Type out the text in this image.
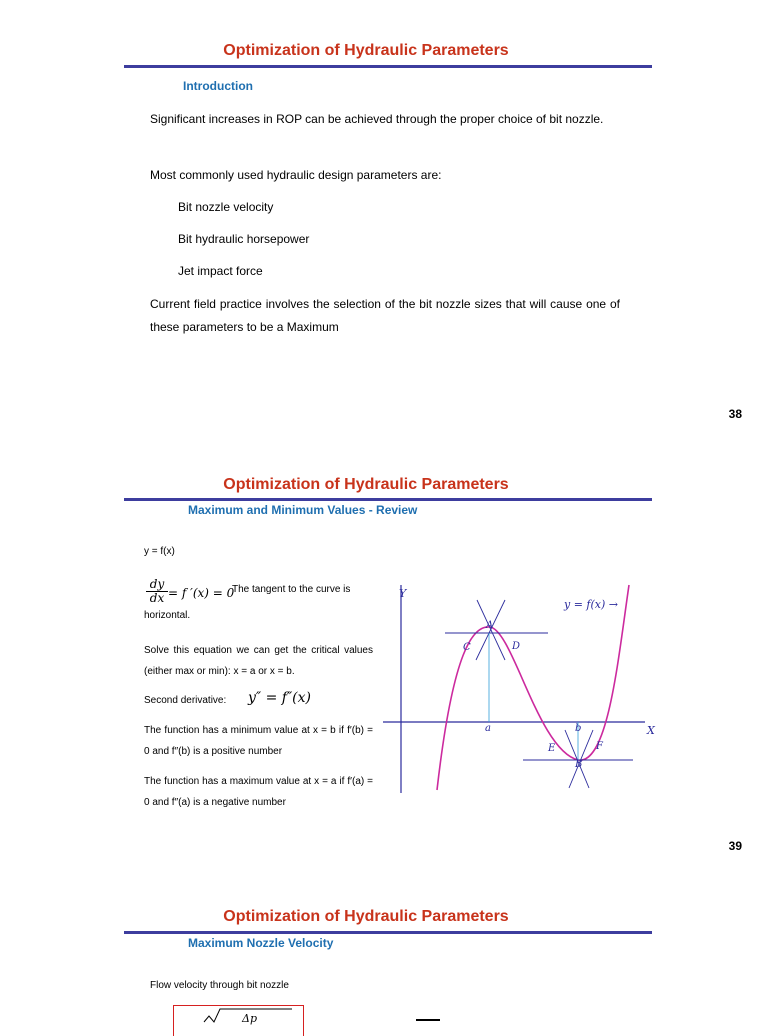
Optimization of Hydraulic Parameters
Introduction
Significant increases in ROP can be achieved through the proper choice of bit nozzle.
Most commonly used hydraulic design parameters are:
Bit nozzle velocity
Bit hydraulic horsepower
Jet impact force
Current field practice involves the selection of the bit nozzle sizes that will cause one of these parameters to be a Maximum
38
Optimization of Hydraulic Parameters
Maximum and Minimum Values - Review
y = f(x)
$\frac{dy}{dx} = f$ ′(x) = 0
The tangent to the curve is horizontal.
Solve this equation we can get the critical values (either max or min): x = a or x = b.
Second derivative: y″ = f″(x)
The function has a minimum value at x = b if f′(b) = 0 and f″(b) is a positive number
The function has a maximum value at x = a if f′(a) = 0 and f″(a) is a negative number
Y
X
y = f(x) →
A
B
C	D
E	F
a	b
39
Optimization of Hydraulic Parameters
Maximum Nozzle Velocity
Flow velocity through bit nozzle
Δp
